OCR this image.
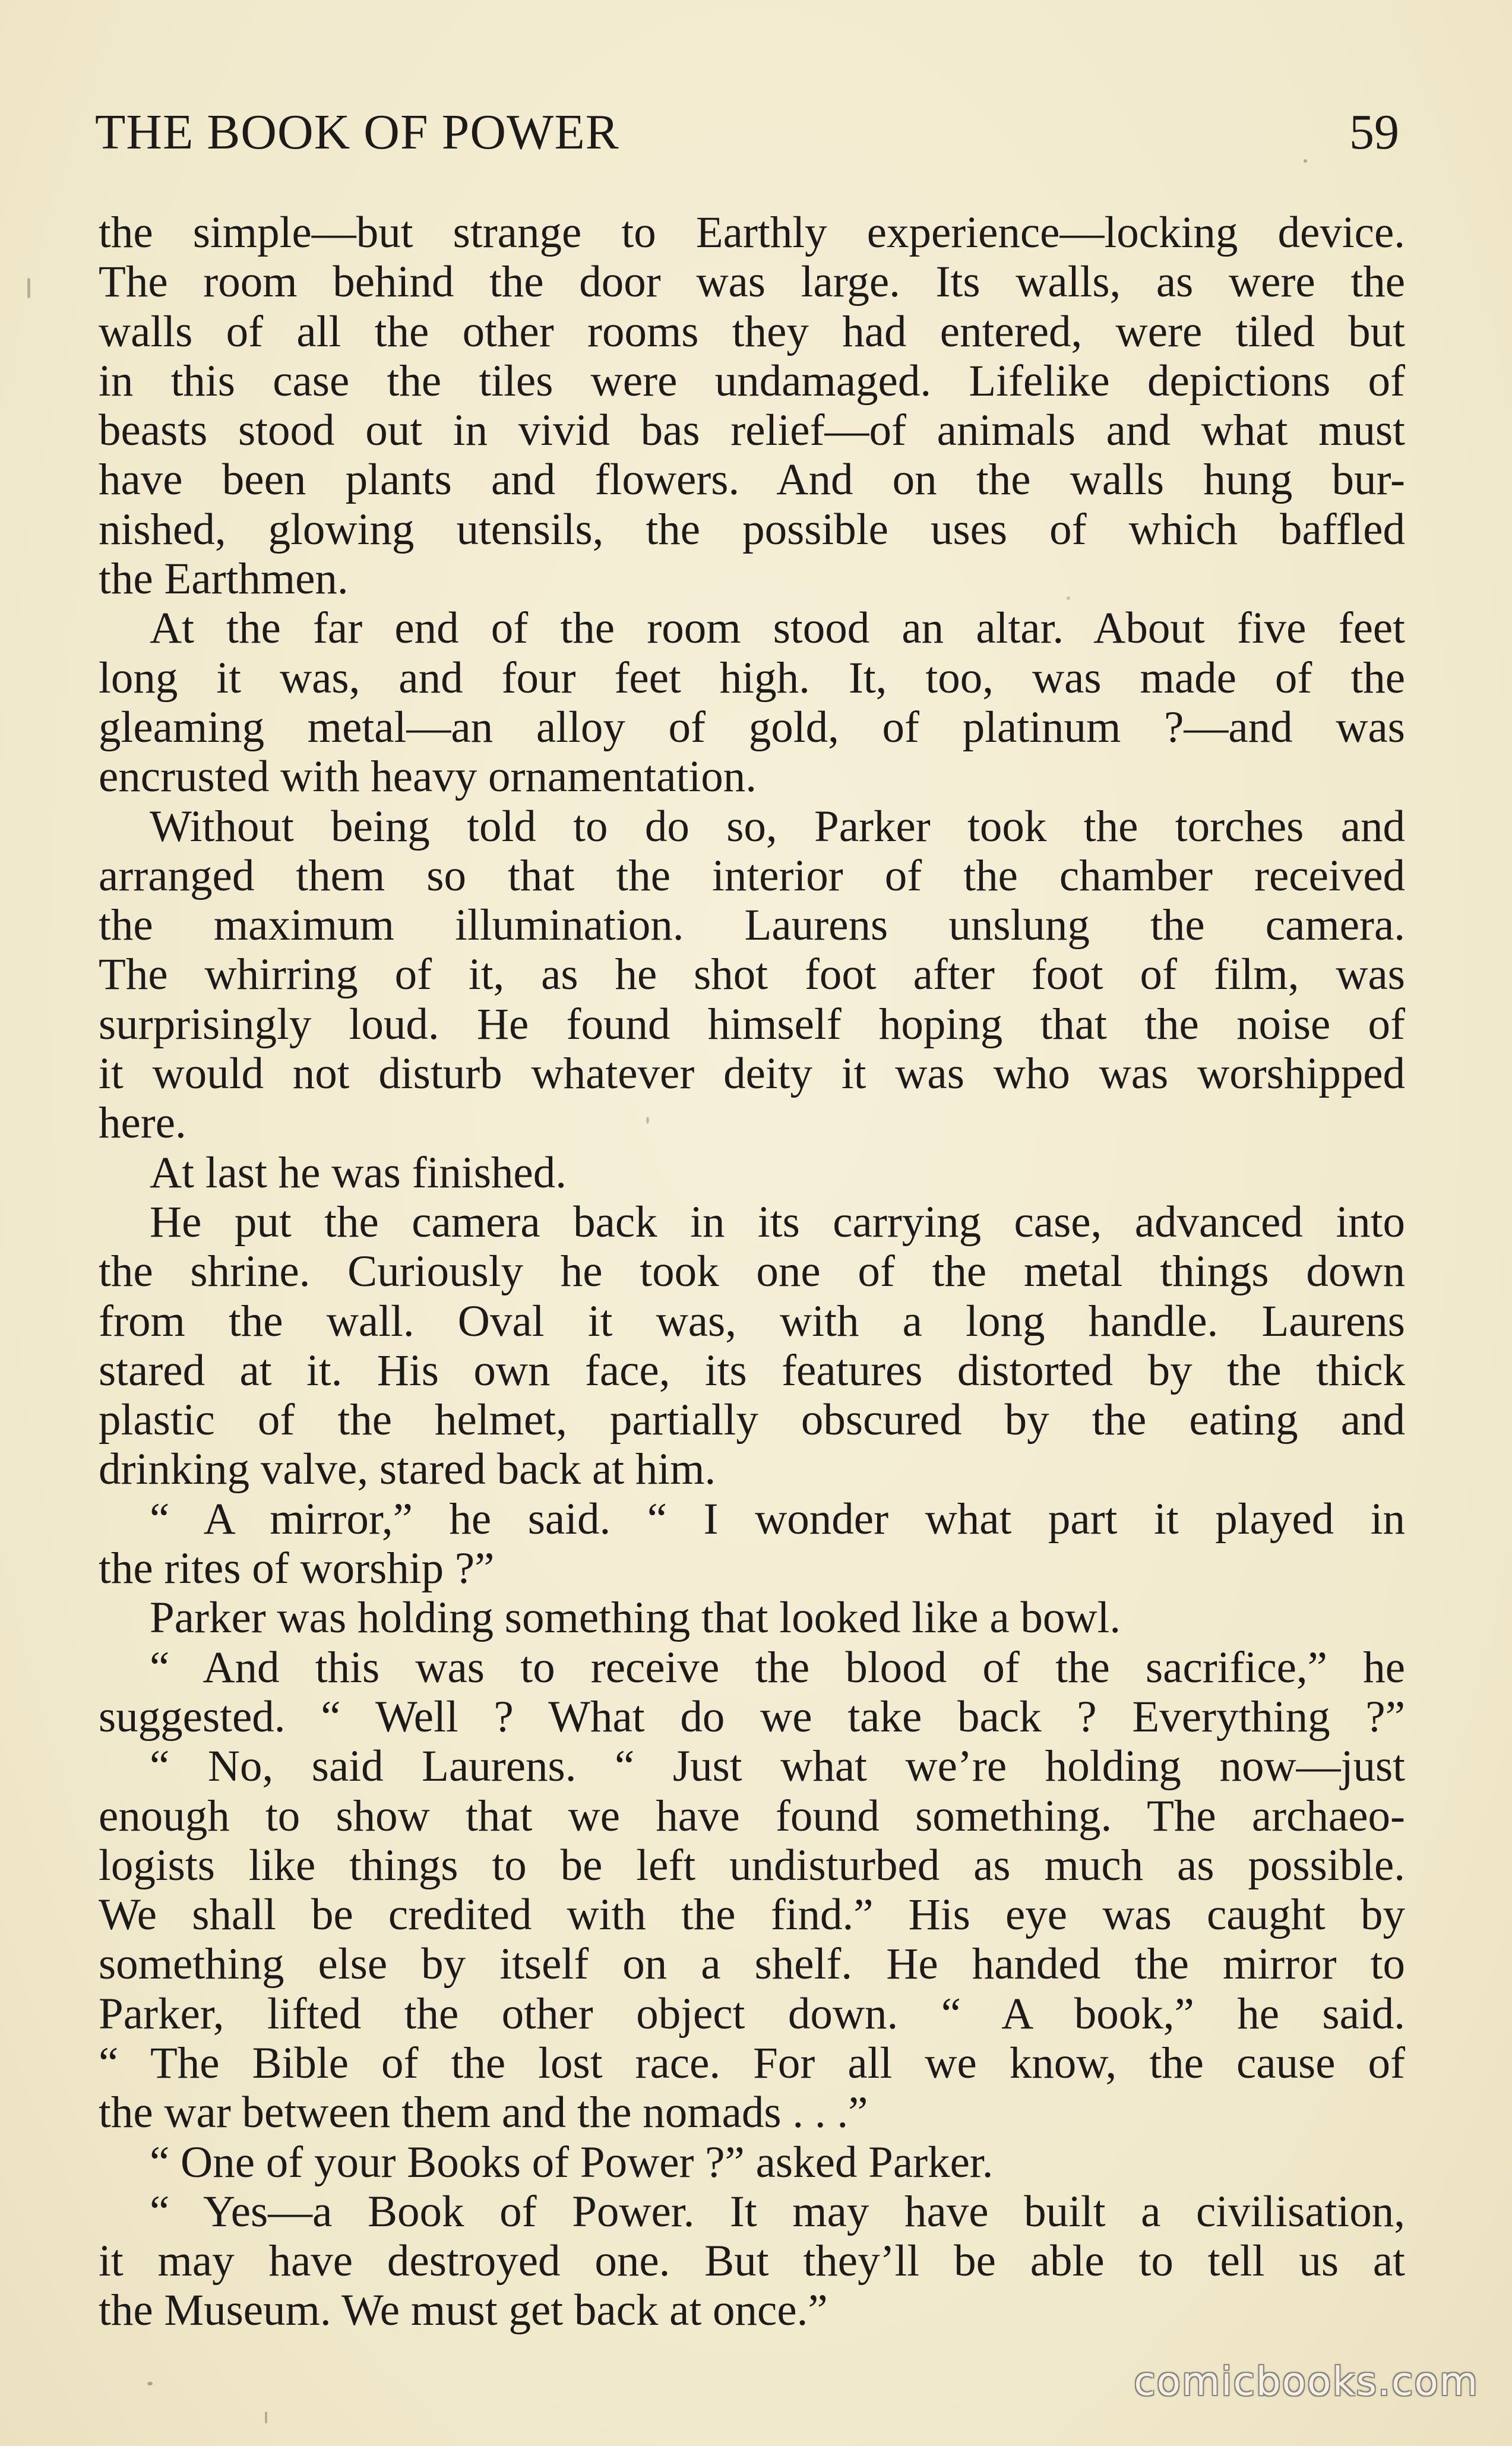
THE BOOK OF POWER	59
the simple—but strange to Earthly experience—locking device.
The room behind the door was large. Its walls, as were the
walls of all the other rooms they had entered, were tiled but
in this case the tiles were undamaged. Lifelike depictions of
beasts stood out in vivid bas relief—of animals and what must
have been plants and flowers. And on the walls hung bur-
nished, glowing utensils, the possible uses of which baffled
the Earthmen.
At the far end of the room stood an altar. About five feet
long it was, and four feet high. It, too, was made of the
gleaming metal—an alloy of gold, of platinum ?—and was
encrusted with heavy ornamentation.
Without being told to do so, Parker took the torches and
arranged them so that the interior of the chamber received
the maximum illumination. Laurens unslung the camera.
The whirring of it, as he shot foot after foot of film, was
surprisingly loud. He found himself hoping that the noise of
it would not disturb whatever deity it was who was worshipped
here.
At last he was finished.
He put the camera back in its carrying case, advanced into
the shrine. Curiously he took one of the metal things down
from the wall. Oval it was, with a long handle. Laurens
stared at it. His own face, its features distorted by the thick
plastic of the helmet, partially obscured by the eating and
drinking valve, stared back at him.
“ A mirror,” he said. “ I wonder what part it played in
the rites of worship ?”
Parker was holding something that looked like a bowl.
“ And this was to receive the blood of the sacrifice,” he
suggested. “ Well ? What do we take back ? Everything ?”
“ No, said Laurens. “ Just what we’re holding now—just
enough to show that we have found something. The archaeo-
logists like things to be left undisturbed as much as possible.
We shall be credited with the find.” His eye was caught by
something else by itself on a shelf. He handed the mirror to
Parker, lifted the other object down. “ A book,” he said.
“ The Bible of the lost race. For all we know, the cause of
the war between them and the nomads . . .”
“ One of your Books of Power ?” asked Parker.
“ Yes—a Book of Power. It may have built a civilisation,
it may have destroyed one. But they’ll be able to tell us at
the Museum. We must get back at once.”
comicbooks.com
